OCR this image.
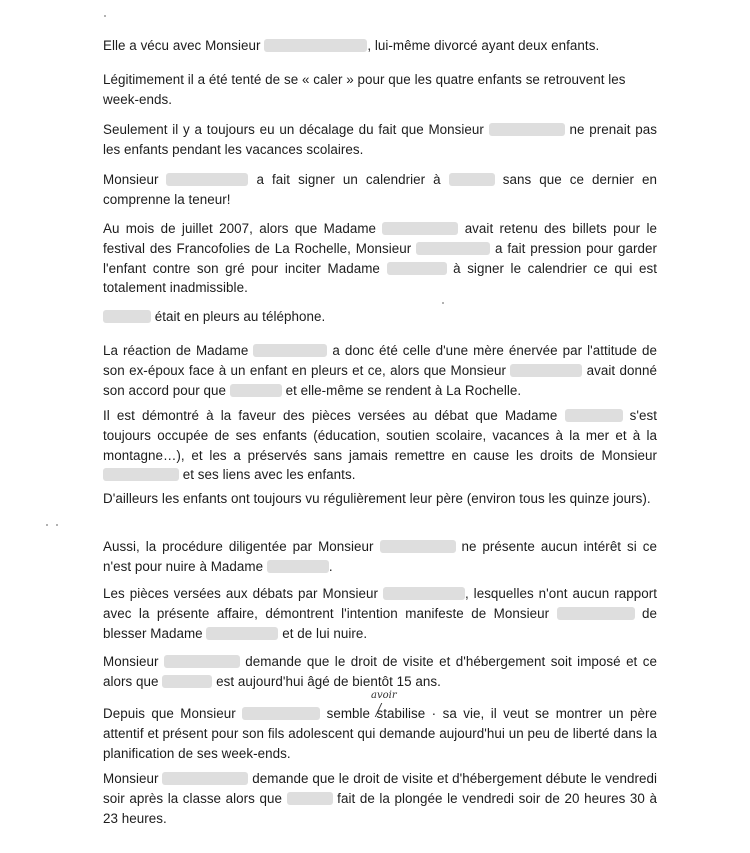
Elle a vécu avec Monsieur	, lui-même divorcé ayant deux enfants.

Légitimement il a été tenté de se « caler » pour que les quatre enfants se retrouvent les week-ends.

Seulement il y a toujours eu un décalage du fait que Monsieur	ne prenait pas les enfants pendant les vacances scolaires.

Monsieur	a fait signer un calendrier à	sans que ce dernier en comprenne la teneur!

Au mois de juillet 2007, alors que Madame	avait retenu des billets pour le festival des Francofolies de La Rochelle, Monsieur	a fait pression pour garder l'enfant contre son gré pour inciter Madame	à signer le calendrier ce qui est totalement inadmissible.

était en pleurs au téléphone.

La réaction de Madame	a donc été celle d'une mère énervée par l'attitude de son ex-époux face à un enfant en pleurs et ce, alors que Monsieur	avait donné son accord pour que	et elle-même se rendent à La Rochelle.

Il est démontré à la faveur des pièces versées au débat que Madame	s'est toujours occupée de ses enfants (éducation, soutien scolaire, vacances à la mer et à la montagne…), et les a préservés sans jamais remettre en cause les droits de Monsieur  et ses liens avec les enfants.

D'ailleurs les enfants ont toujours vu régulièrement leur père (environ tous les quinze jours).

Aussi, la procédure diligentée par Monsieur	ne présente aucun intérêt si ce n'est pour nuire à Madame	.

Les pièces versées aux débats par Monsieur	, lesquelles n'ont aucun rapport avec la présente affaire, démontrent l'intention manifeste de Monsieur	de blesser Madame	et de lui nuire.

Monsieur	demande que le droit de visite et d'hébergement soit imposé et ce alors que	est aujourd'hui âgé de bientôt 15 ans.

Depuis que Monsieur	semble stabilise · sa vie, il veut se montrer un père attentif et présent pour son fils adolescent qui demande aujourd'hui un peu de liberté dans la planification de ses week-ends.

Monsieur	demande que le droit de visite et d'hébergement débute le vendredi soir après la classe alors que	fait de la plongée le vendredi soir de 20 heures 30 à 23 heures.

avoir
